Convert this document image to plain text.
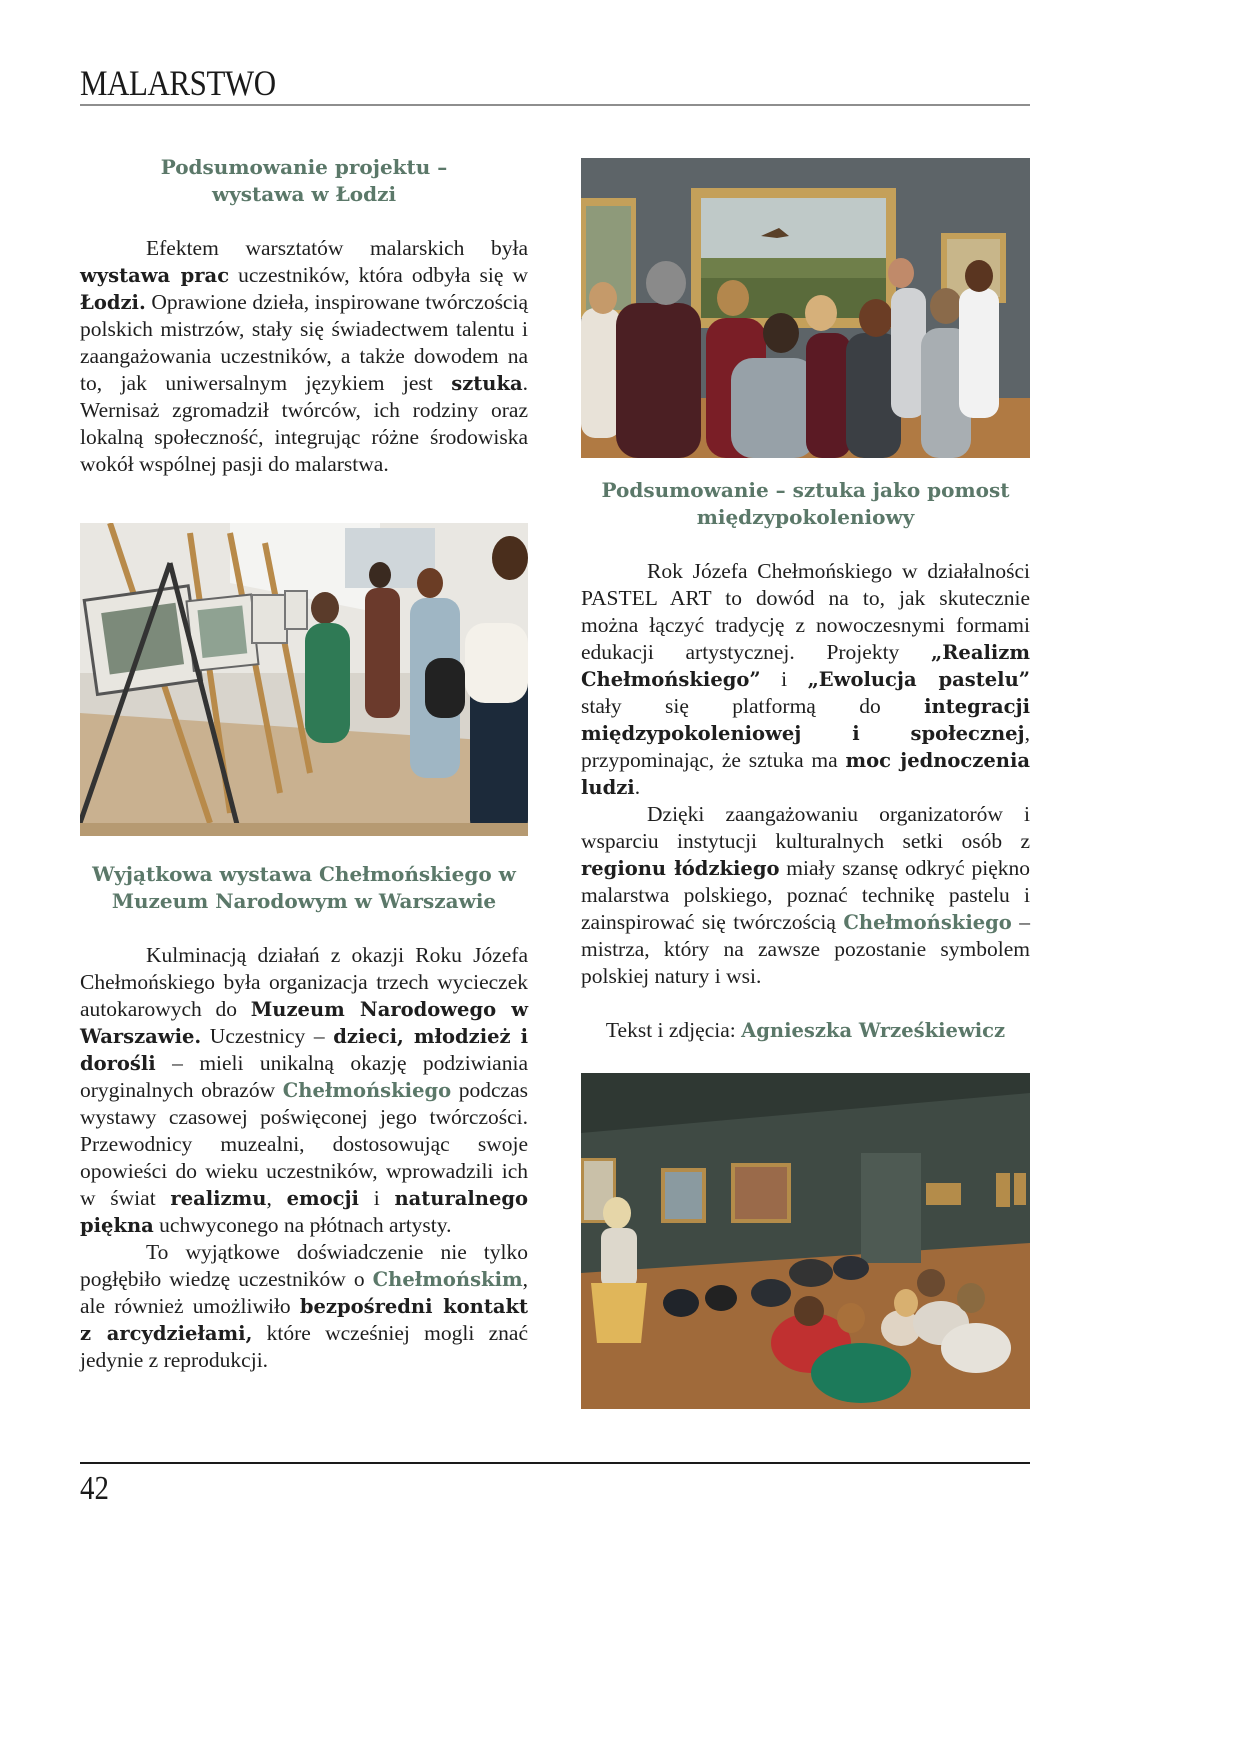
MALARSTWO
Podsumowanie projektu –
wystawa w Łodzi

Efektem warsztatów malarskich była wystawa prac uczestników, która odbyła się w Łodzi. Oprawione dzieła, inspirowane twórczością polskich mistrzów, stały się świadectwem talentu i zaangażowania uczestników, a także dowodem na to, jak uniwersalnym językiem jest sztuka. Wernisaż zgromadził twórców, ich rodziny oraz lokalną społeczność, integrując różne środowiska wokół wspólnej pasji do malarstwa.

Wyjątkowa wystawa Chełmońskiego w
Muzeum Narodowym w Warszawie

Kulminacją działań z okazji Roku Józefa Chełmońskiego była organizacja trzech wycieczek autokarowych do Muzeum Narodowego w Warszawie. Uczestnicy – dzieci, młodzież i dorośli – mieli unikalną okazję podziwiania oryginalnych obrazów Chełmońskiego podczas wystawy czasowej poświęconej jego twórczości. Przewodnicy muzealni, dostosowując swoje opowieści do wieku uczestników, wprowadzili ich w świat realizmu, emocji i naturalnego piękna uchwyconego na płótnach artysty.

To wyjątkowe doświadczenie nie tylko pogłębiło wiedzę uczestników o Chełmońskim, ale również umożliwiło bezpośredni kontakt z arcydziełami, które wcześniej mogli znać jedynie z reprodukcji.

Podsumowanie – sztuka jako pomost
międzypokoleniowy

Rok Józefa Chełmońskiego w działalności PASTEL ART to dowód na to, jak skutecznie można łączyć tradycję z nowoczesnymi formami edukacji artystycznej. Projekty „Realizm Chełmońskiego” i „Ewolucja pastelu” stały się platformą do integracji międzypokoleniowej i społecznej, przypominając, że sztuka ma moc jednoczenia ludzi.

Dzięki zaangażowaniu organizatorów i wsparciu instytucji kulturalnych setki osób z regionu łódzkiego miały szansę odkryć piękno malarstwa polskiego, poznać technikę pastelu i zainspirować się twórczością Chełmońskiego – mistrza, który na zawsze pozostanie symbolem polskiej natury i wsi.

Tekst i zdjęcia: Agnieszka Wrześkiewicz
42
